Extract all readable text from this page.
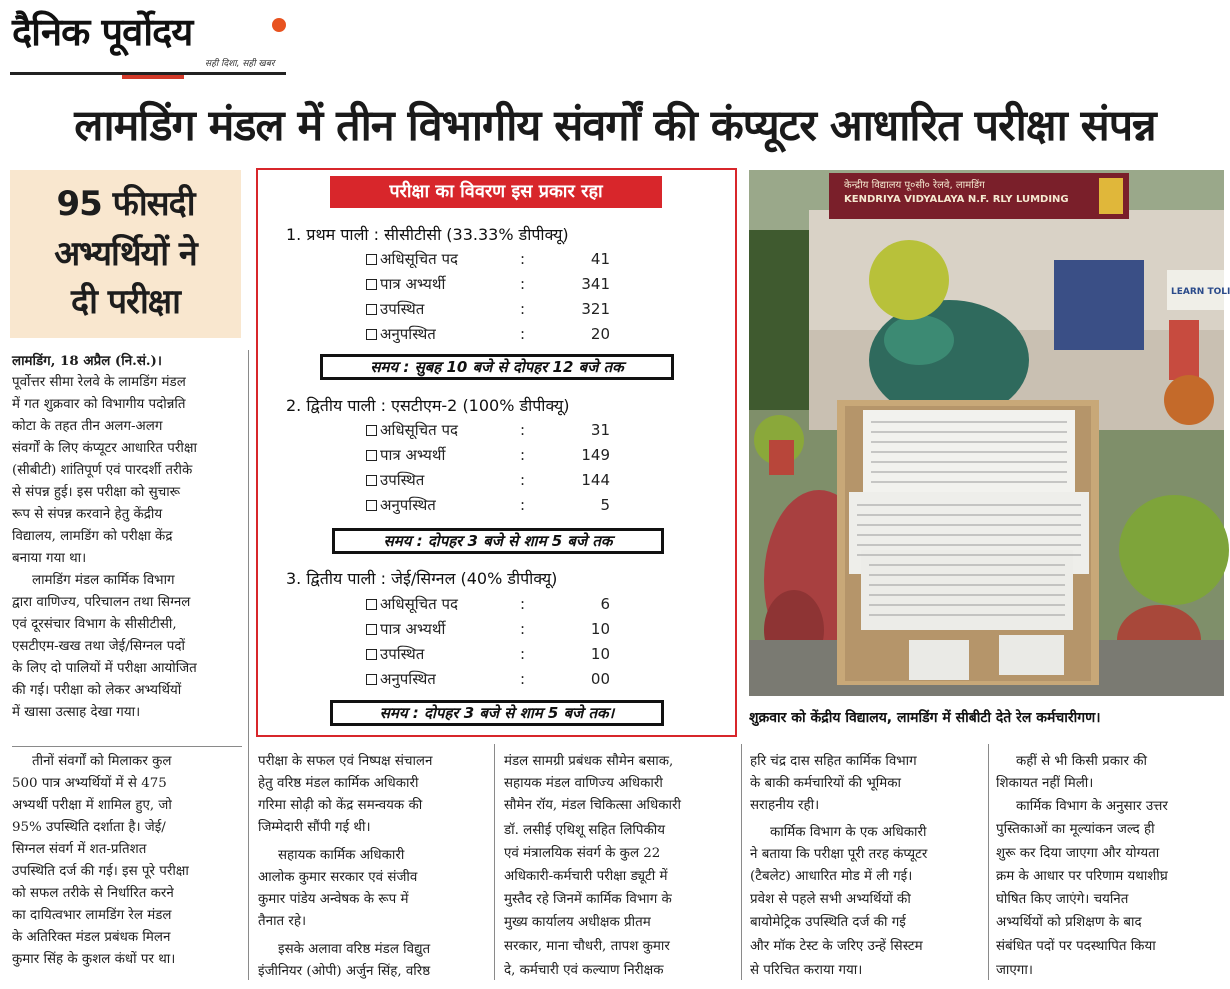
दैनिक पूर्वोदय
सही दिशा, सही खबर
लामडिंग मंडल में तीन विभागीय संवर्गों की कंप्यूटर आधारित परीक्षा संपन्न
95 फीसदी
अभ्यर्थियों ने
दी परीक्षा
लामडिंग, 18 अप्रैल (नि.सं.)।
पूर्वोत्तर सीमा रेलवे के लामडिंग मंडल
में गत शुक्रवार को विभागीय पदोन्नति
कोटा के तहत तीन अलग-अलग
संवर्गों के लिए कंप्यूटर आधारित परीक्षा
(सीबीटी) शांतिपूर्ण एवं पारदर्शी तरीके
से संपन्न हुई। इस परीक्षा को सुचारू
रूप से संपन्न करवाने हेतु केंद्रीय
विद्यालय, लामडिंग को परीक्षा केंद्र
बनाया गया था।
लामडिंग मंडल कार्मिक विभाग
द्वारा वाणिज्य, परिचालन तथा सिग्नल
एवं दूरसंचार विभाग के सीसीटीसी,
एसटीएम-खख तथा जेई/सिग्नल पदों
के लिए दो पालियों में परीक्षा आयोजित
की गई। परीक्षा को लेकर अभ्यर्थियों
में खासा उत्साह देखा गया।
तीनों संवर्गों को मिलाकर कुल
500 पात्र अभ्यर्थियों में से 475
अभ्यर्थी परीक्षा में शामिल हुए, जो
95% उपस्थिति दर्शाता है। जेई/
सिग्नल संवर्ग में शत-प्रतिशत
उपस्थिति दर्ज की गई। इस पूरे परीक्षा
को सफल तरीके से निर्धारित करने
का दायित्वभार लामडिंग रेल मंडल
के अतिरिक्त मंडल प्रबंधक मिलन
कुमार सिंह के कुशल कंधों पर था।
परीक्षा का विवरण इस प्रकार रहा
1. प्रथम पाली : सीसीटीसी (33.33% डीपीक्यू)
अधिसूचित पद	:	41
पात्र अभ्यर्थी	:	341
उपस्थित	:	321
अनुपस्थित	:	20
समय : सुबह 10 बजे से दोपहर 12 बजे तक
2. द्वितीय पाली : एसटीएम-2 (100% डीपीक्यू)
अधिसूचित पद	:	31
पात्र अभ्यर्थी	:	149
उपस्थित	:	144
अनुपस्थित	:	5
समय : दोपहर 3 बजे से शाम 5 बजे तक
3. द्वितीय पाली : जेई/सिग्नल (40% डीपीक्यू)
अधिसूचित पद	:	6
पात्र अभ्यर्थी	:	10
उपस्थित	:	10
अनुपस्थित	:	00
समय : दोपहर 3 बजे से शाम 5 बजे तक।
केन्द्रीय विद्यालय पू०सी० रेलवे, लामडिंग
KENDRIYA VIDYALAYA N.F. RLY LUMDING
LEARN TOLI
शुक्रवार को केंद्रीय विद्यालय, लामडिंग में सीबीटी देते रेल कर्मचारीगण।
परीक्षा के सफल एवं निष्पक्ष संचालन
हेतु वरिष्ठ मंडल कार्मिक अधिकारी
गरिमा सोढ़ी को केंद्र समन्वयक की
जिम्मेदारी सौंपी गई थी।
सहायक कार्मिक अधिकारी
आलोक कुमार सरकार एवं संजीव
कुमार पांडेय अन्वेषक के रूप में
तैनात रहे।
इसके अलावा वरिष्ठ मंडल विद्युत
इंजीनियर (ओपी) अर्जुन सिंह, वरिष्ठ
मंडल सामग्री प्रबंधक सौमेन बसाक,
सहायक मंडल वाणिज्य अधिकारी
सौमेन रॉय, मंडल चिकित्सा अधिकारी
डॉ. लसीई एथिशू सहित लिपिकीय
एवं मंत्रालयिक संवर्ग के कुल 22
अधिकारी-कर्मचारी परीक्षा ड्यूटी में
मुस्तैद रहे जिनमें कार्मिक विभाग के
मुख्य कार्यालय अधीक्षक प्रीतम
सरकार, माना चौधरी, तापश कुमार
दे, कर्मचारी एवं कल्याण निरीक्षक
हरि चंद्र दास सहित कार्मिक विभाग
के बाकी कर्मचारियों की भूमिका
सराहनीय रही।
कार्मिक विभाग के एक अधिकारी
ने बताया कि परीक्षा पूरी तरह कंप्यूटर
(टैबलेट) आधारित मोड में ली गई।
प्रवेश से पहले सभी अभ्यर्थियों की
बायोमेट्रिक उपस्थिति दर्ज की गई
और मॉक टेस्ट के जरिए उन्हें सिस्टम
से परिचित कराया गया।
कहीं से भी किसी प्रकार की
शिकायत नहीं मिली।
कार्मिक विभाग के अनुसार उत्तर
पुस्तिकाओं का मूल्यांकन जल्द ही
शुरू कर दिया जाएगा और योग्यता
क्रम के आधार पर परिणाम यथाशीघ्र
घोषित किए जाएंगे। चयनित
अभ्यर्थियों को प्रशिक्षण के बाद
संबंधित पदों पर पदस्थापित किया
जाएगा।
